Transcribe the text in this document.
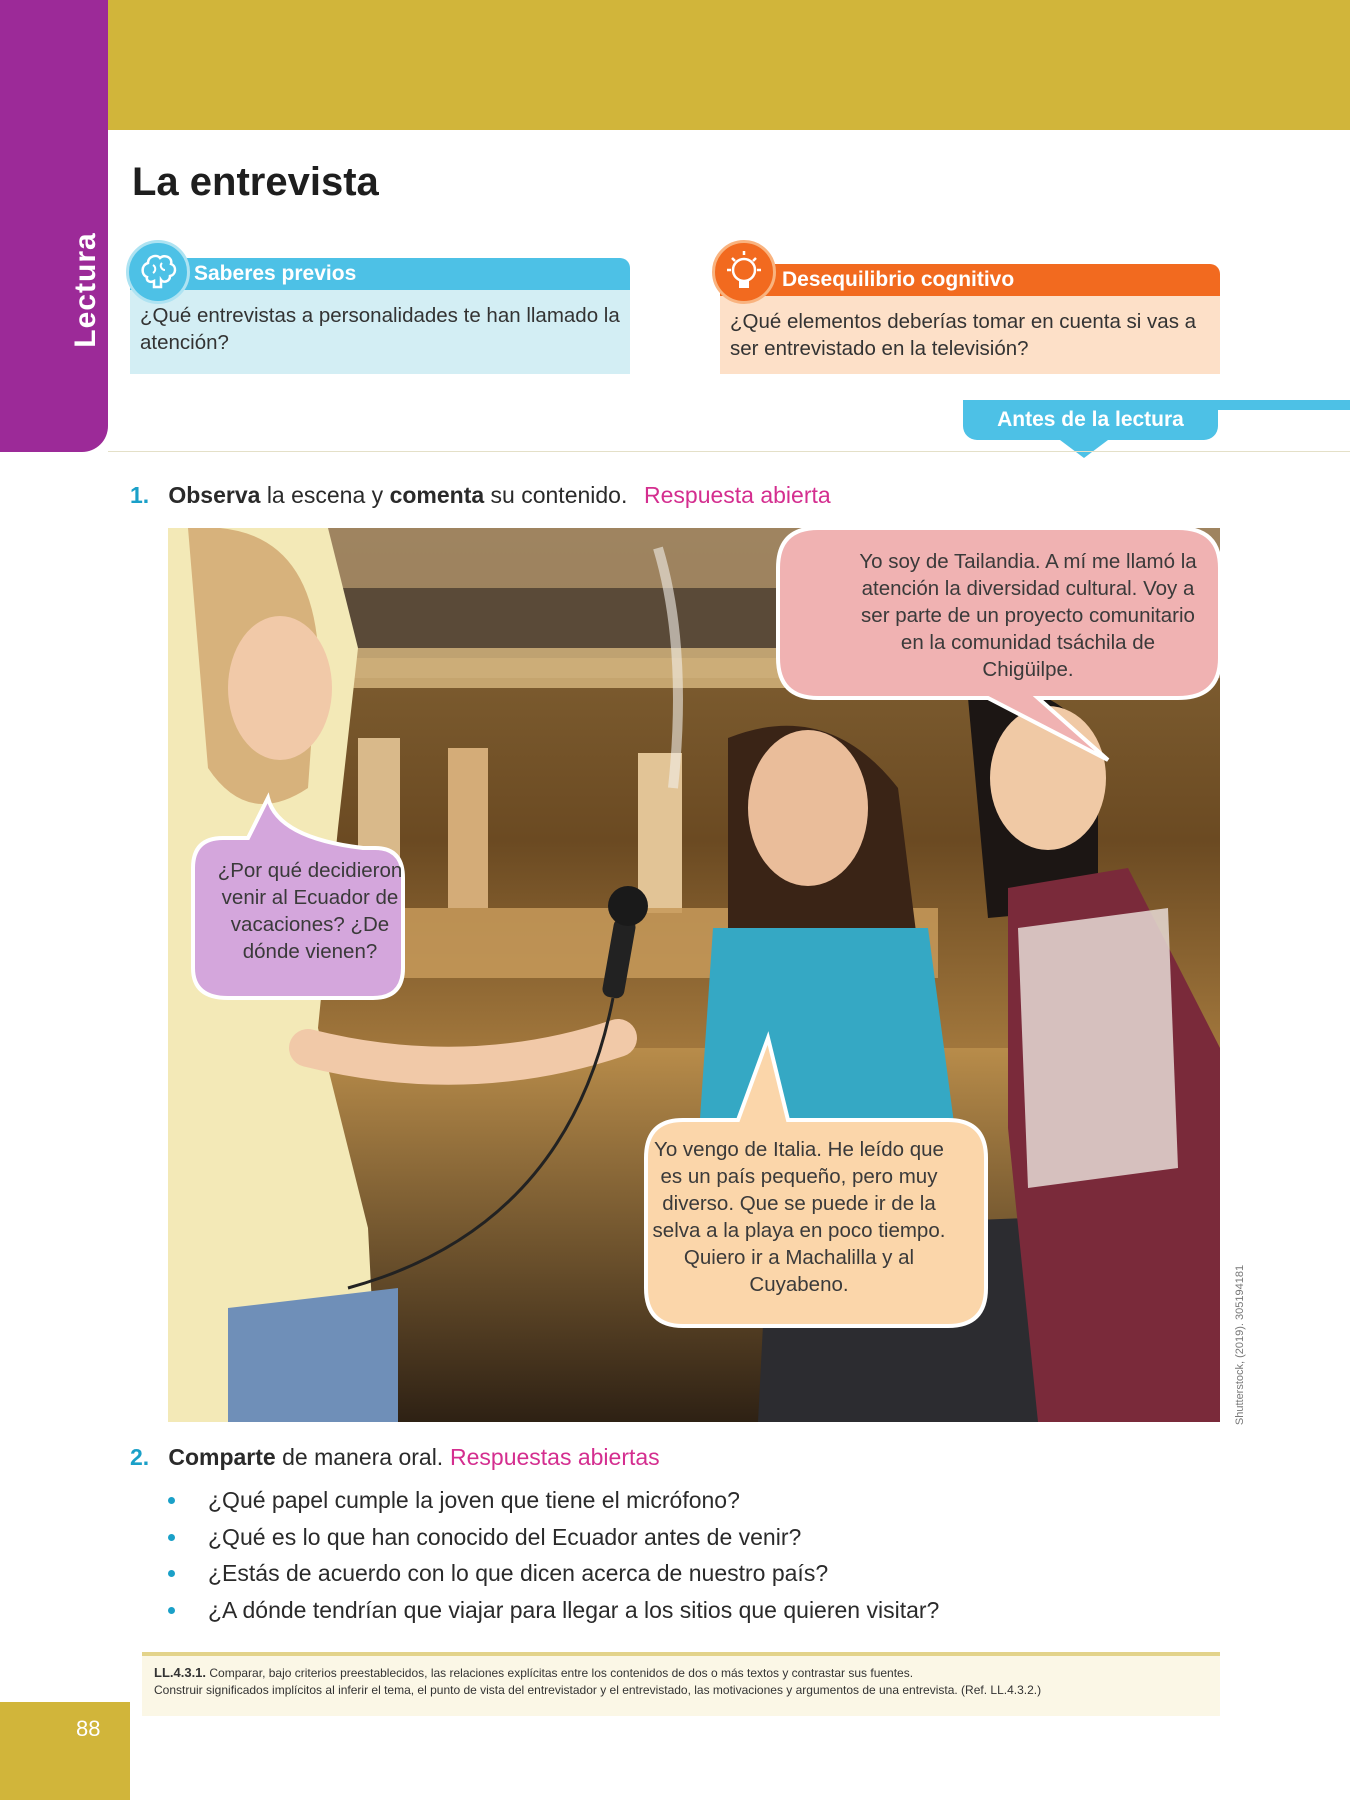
Lectura
La entrevista
Saberes previos
¿Qué entrevistas a personalidades te han llamado la atención?
Desequilibrio cognitivo
¿Qué elementos deberías tomar en cuenta si vas a ser entrevistado en la televisión?
Antes de la lectura
1. Observa la escena y comenta su contenido. Respuesta abierta
¿Por qué decidieron venir al Ecuador de vacaciones? ¿De dónde vienen?
Yo soy de Tailandia. A mí me llamó la atención la diversidad cultural. Voy a ser parte de un proyecto comunitario en la comunidad tsáchila de Chigüilpe.
Yo vengo de Italia. He leído que es un país pequeño, pero muy diverso. Que se puede ir de la selva a la playa en poco tiempo. Quiero ir a Machalilla y al Cuyabeno.	Shutterstock, (2019). 305194181
2. Comparte de manera oral. Respuestas abiertas
¿Qué papel cumple la joven que tiene el micrófono?
¿Qué es lo que han conocido del Ecuador antes de venir?
¿Estás de acuerdo con lo que dicen acerca de nuestro país?
¿A dónde tendrían que viajar para llegar a los sitios que quieren visitar?

LL.4.3.1. Comparar, bajo criterios preestablecidos, las relaciones explícitas entre los contenidos de dos o más textos y contrastar sus fuentes.

Construir significados implícitos al inferir el tema, el punto de vista del entrevistador y el entrevistado, las motivaciones y argumentos de una entrevista. (Ref. LL.4.3.2.)

88
